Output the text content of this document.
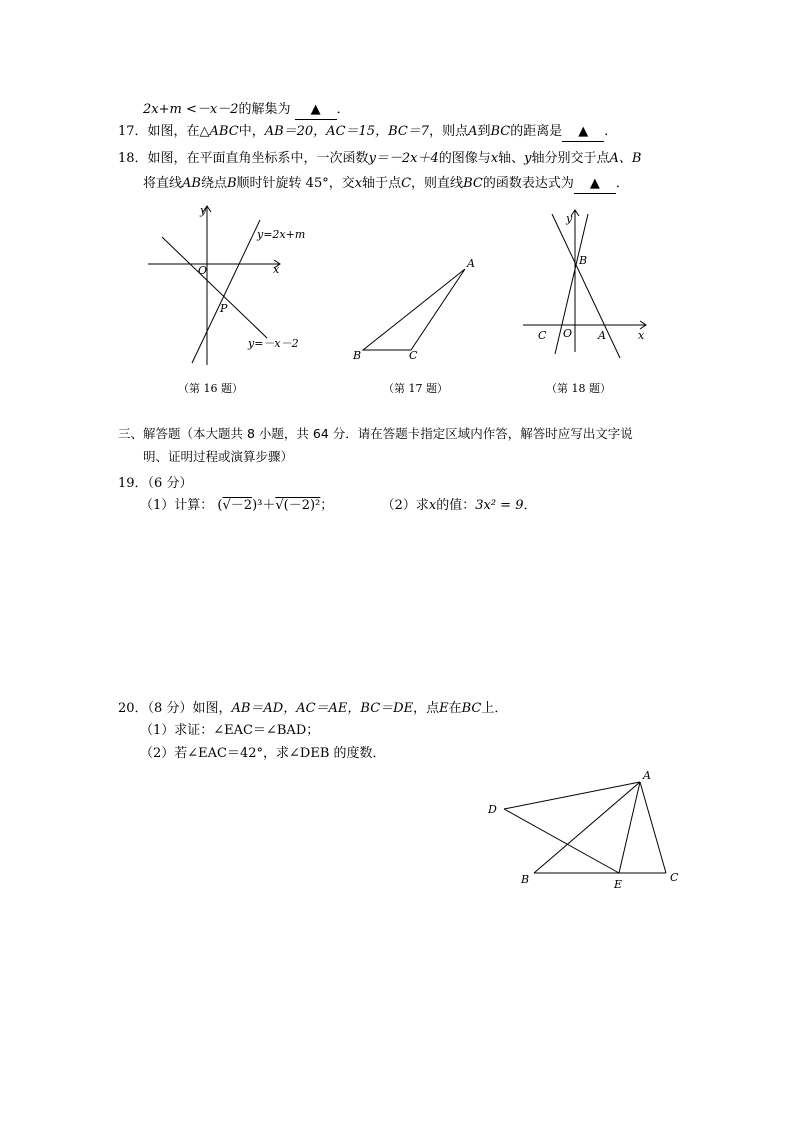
2x+m <－x－2的解集为 ▲ ．
17．如图，在△ABC中，AB＝20，AC＝15，BC＝7，则点A到BC的距离是 ▲ ．
18．如图，在平面直角坐标系中，一次函数y＝－2x＋4的图像与x轴、y轴分别交于点A、B
将直线AB绕点B顺时针旋转 45°，交x轴于点C，则直线BC的函数表达式为 ▲ ．
y
x
O
P
y=2x+m
y=－x－2
（第 16 题）
A
B	C
（第 17 题）
y
x
O A
B
C
（第 18 题）
三、解答题（本大题共 8 小题，共 64 分．请在答题卡指定区域内作答，解答时应写出文字说
明、证明过程或演算步骤）
19．（6 分）
（1）计算： (√－2)³＋√(－2)²；	（2）求x的值：3x² = 9．
20．（8 分）如图，AB＝AD，AC＝AE，BC＝DE，点E在BC上．
（1）求证：∠EAC＝∠BAD；
（2）若∠EAC＝42°，求∠DEB 的度数．
A
D
B	E
C
